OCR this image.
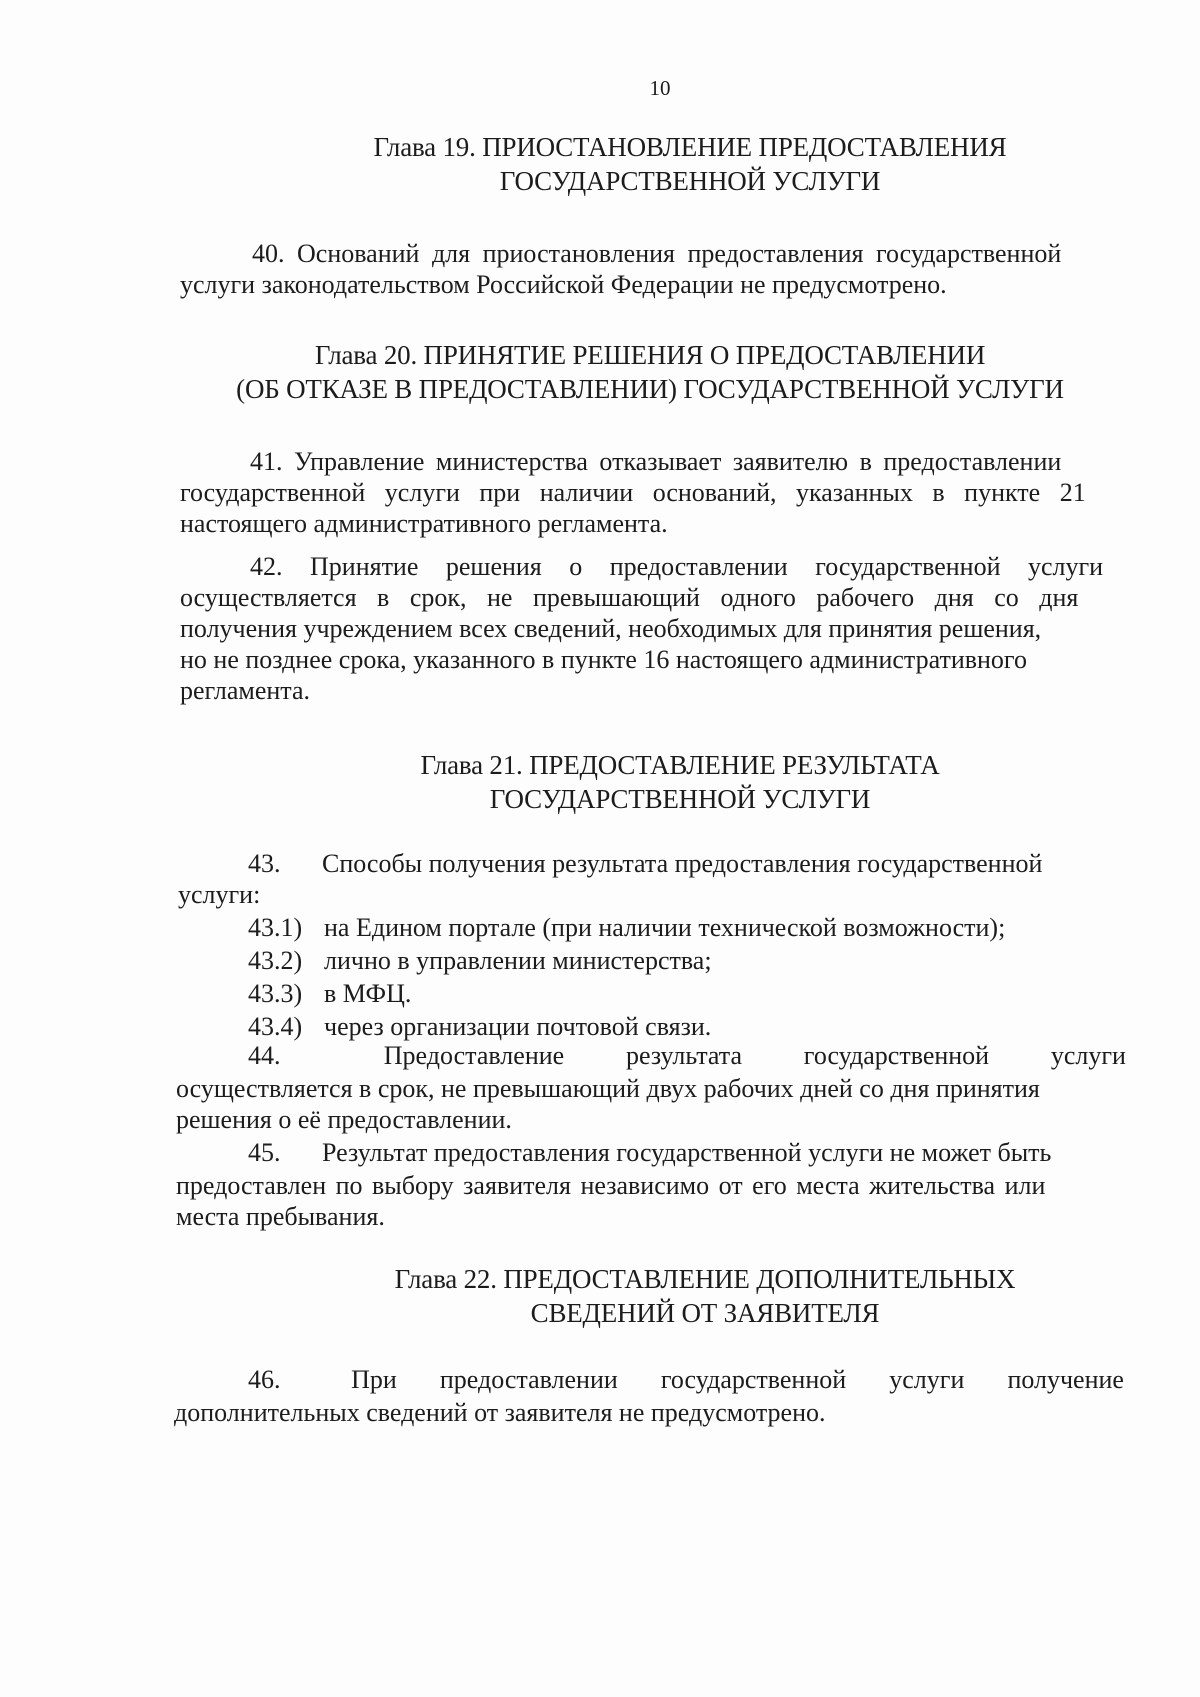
10
Глава 19. ПРИОСТАНОВЛЕНИЕ ПРЕДОСТАВЛЕНИЯ
ГОСУДАРСТВЕННОЙ УСЛУГИ
40. Оснований для приостановления предоставления государственной
услуги законодательством Российской Федерации не предусмотрено.
Глава 20. ПРИНЯТИЕ РЕШЕНИЯ О ПРЕДОСТАВЛЕНИИ
(ОБ ОТКАЗЕ В ПРЕДОСТАВЛЕНИИ) ГОСУДАРСТВЕННОЙ УСЛУГИ
41. Управление министерства отказывает заявителю в предоставлении
государственной услуги при наличии оснований, указанных в пункте 21
настоящего административного регламента.
42. Принятие решения о предоставлении государственной услуги
осуществляется в срок, не превышающий одного рабочего дня со дня
получения учреждением всех сведений, необходимых для принятия решения,
но не позднее срока, указанного в пункте 16 настоящего административного
регламента.
Глава 21. ПРЕДОСТАВЛЕНИЕ РЕЗУЛЬТАТА
ГОСУДАРСТВЕННОЙ УСЛУГИ
43. Способы получения результата предоставления государственной
услуги:
43.1) на Едином портале (при наличии технической возможности);
43.2) лично в управлении министерства;
43.3) в МФЦ.
43.4) через организации почтовой связи.
44.	Предоставление результата государственной услуги
осуществляется в срок, не превышающий двух рабочих дней со дня принятия
решения о её предоставлении.
45. Результат предоставления государственной услуги не может быть
предоставлен по выбору заявителя независимо от его места жительства или
места пребывания.
Глава 22. ПРЕДОСТАВЛЕНИЕ ДОПОЛНИТЕЛЬНЫХ
СВЕДЕНИЙ ОТ ЗАЯВИТЕЛЯ
46.	При предоставлении государственной услуги получение
дополнительных сведений от заявителя не предусмотрено.
